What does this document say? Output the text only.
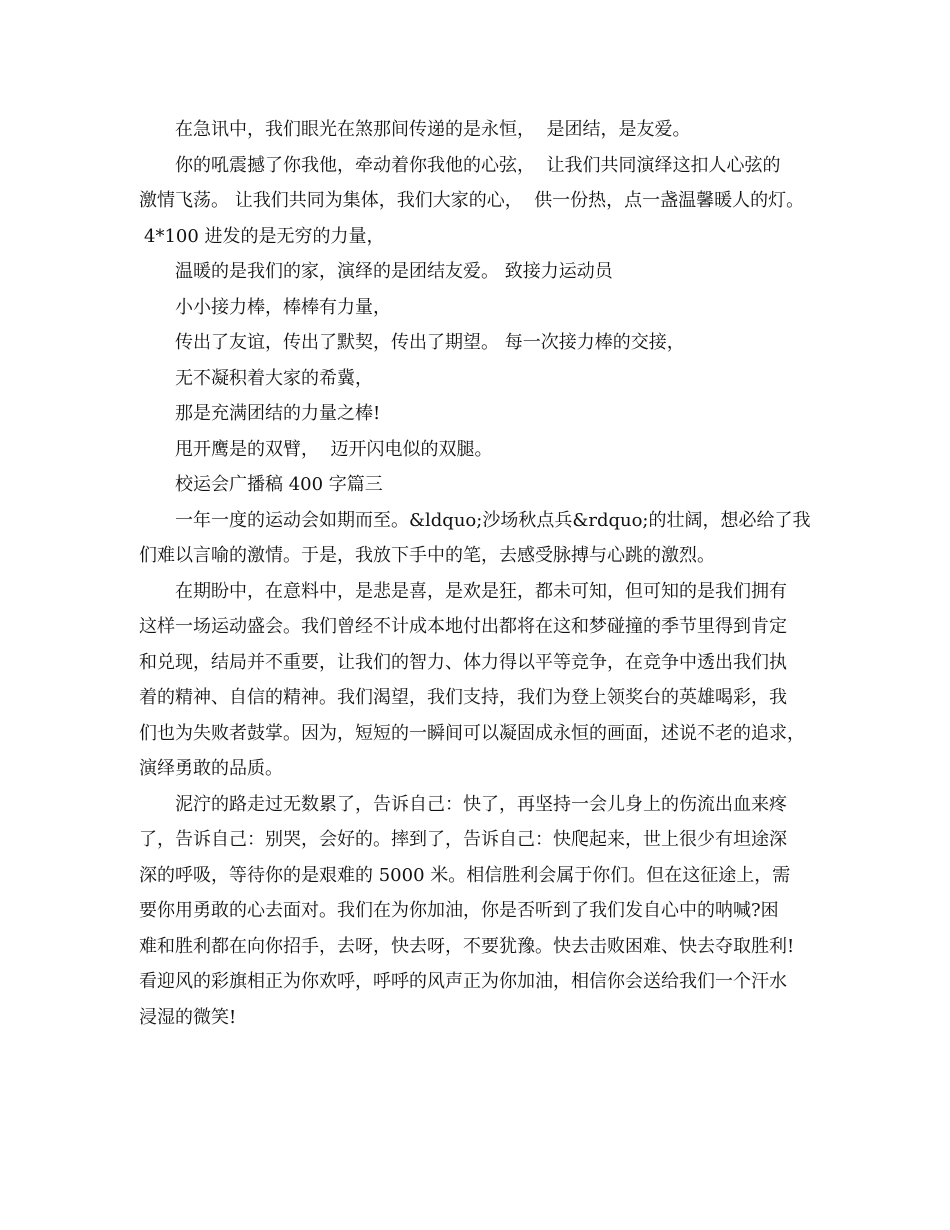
在急讯中，我们眼光在煞那间传递的是永恒，  是团结，是友爱。

你的吼震撼了你我他，牵动着你我他的心弦，  让我们共同演绎这扣人心弦的

激情飞荡。 让我们共同为集体，我们大家的心，  供一份热，点一盏温馨暖人的灯。

4*100 进发的是无穷的力量，

温暖的是我们的家，演绎的是团结友爱。 致接力运动员

小小接力棒，棒棒有力量，

传出了友谊，传出了默契，传出了期望。 每一次接力棒的交接，

无不凝积着大家的希冀，

那是充满团结的力量之棒!

甩开鹰是的双臂，  迈开闪电似的双腿。

校运会广播稿 400 字篇三

一年一度的运动会如期而至。&ldquo;沙场秋点兵&rdquo;的壮阔，想必给了我

们难以言喻的激情。于是，我放下手中的笔，去感受脉搏与心跳的激烈。

在期盼中，在意料中，是悲是喜，是欢是狂，都未可知，但可知的是我们拥有

这样一场运动盛会。我们曾经不计成本地付出都将在这和梦碰撞的季节里得到肯定

和兑现，结局并不重要，让我们的智力、体力得以平等竞争，在竞争中透出我们执

着的精神、自信的精神。我们渴望，我们支持，我们为登上领奖台的英雄喝彩，我

们也为失败者鼓掌。因为，短短的一瞬间可以凝固成永恒的画面，述说不老的追求，

演绎勇敢的品质。

泥泞的路走过无数累了，告诉自己：快了，再坚持一会儿身上的伤流出血来疼

了，告诉自己：别哭，会好的。摔到了，告诉自己：快爬起来，世上很少有坦途深

深的呼吸，等待你的是艰难的 5000 米。相信胜利会属于你们。但在这征途上，需

要你用勇敢的心去面对。我们在为你加油，你是否听到了我们发自心中的呐喊?困

难和胜利都在向你招手，去呀，快去呀，不要犹豫。快去击败困难、快去夺取胜利!

看迎风的彩旗相正为你欢呼，呼呼的风声正为你加油，相信你会送给我们一个汗水

浸湿的微笑!
